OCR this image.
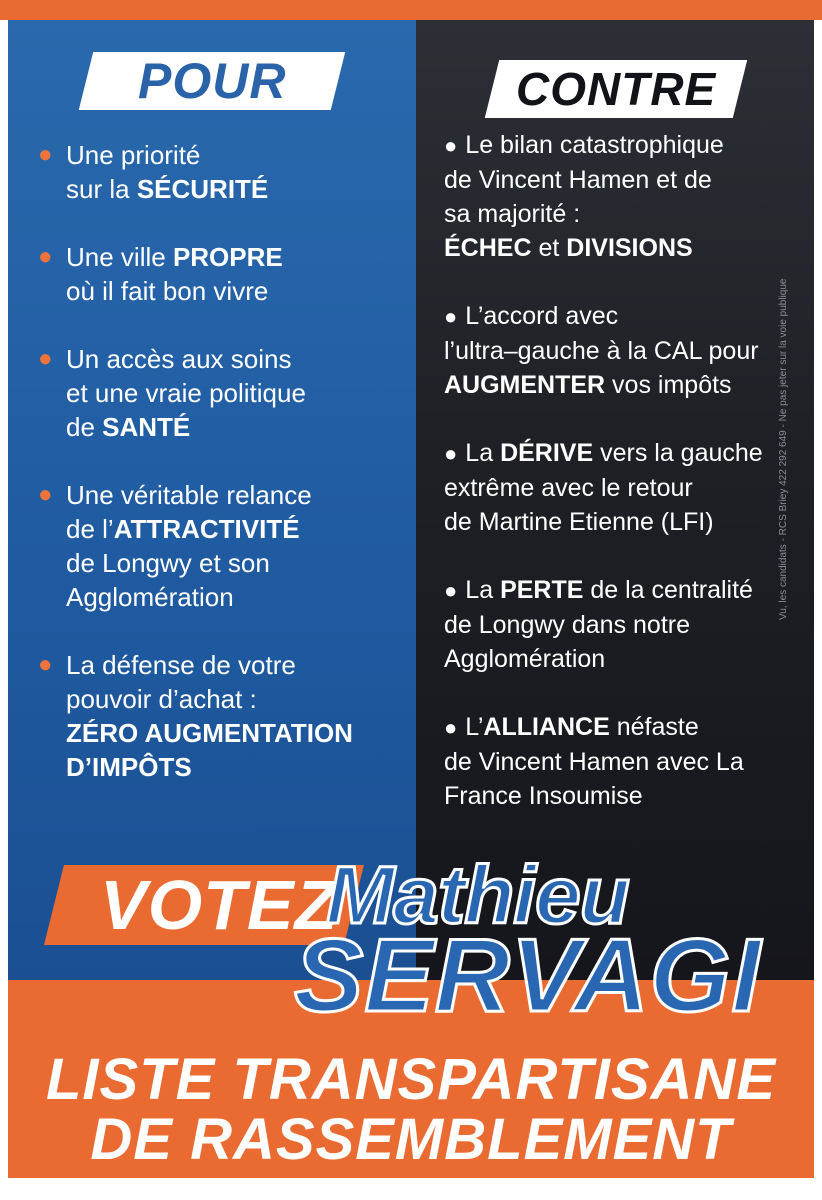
POUR	CONTRE
● Une priorité
sur la SÉCURITÉ
● Une ville PROPRE
où il fait bon vivre
● Un accès aux soins
et une vraie politique
de SANTÉ
● Une véritable relance
de l’ATTRACTIVITÉ
de Longwy et son
Agglomération
● La défense de votre
pouvoir d’achat :
ZÉRO AUGMENTATION
D’IMPÔTS
● Le bilan catastrophique
de Vincent Hamen et de
sa majorité :
ÉCHEC et DIVISIONS
● L’accord avec
l’ultra–gauche à la CAL pour
AUGMENTER vos impôts
● La DÉRIVE vers la gauche
extrême avec le retour
de Martine Etienne (LFI)
● La PERTE de la centralité
de Longwy dans notre
Agglomération
● L’ALLIANCE néfaste
de Vincent Hamen avec La
France Insoumise
Vu, les candidats - RCS Briey 422 292 649 - Ne pas jeter sur la voie publique
VOTEZ
Mathieu
SERVAGI
LISTE TRANSPARTISANE
DE RASSEMBLEMENT
